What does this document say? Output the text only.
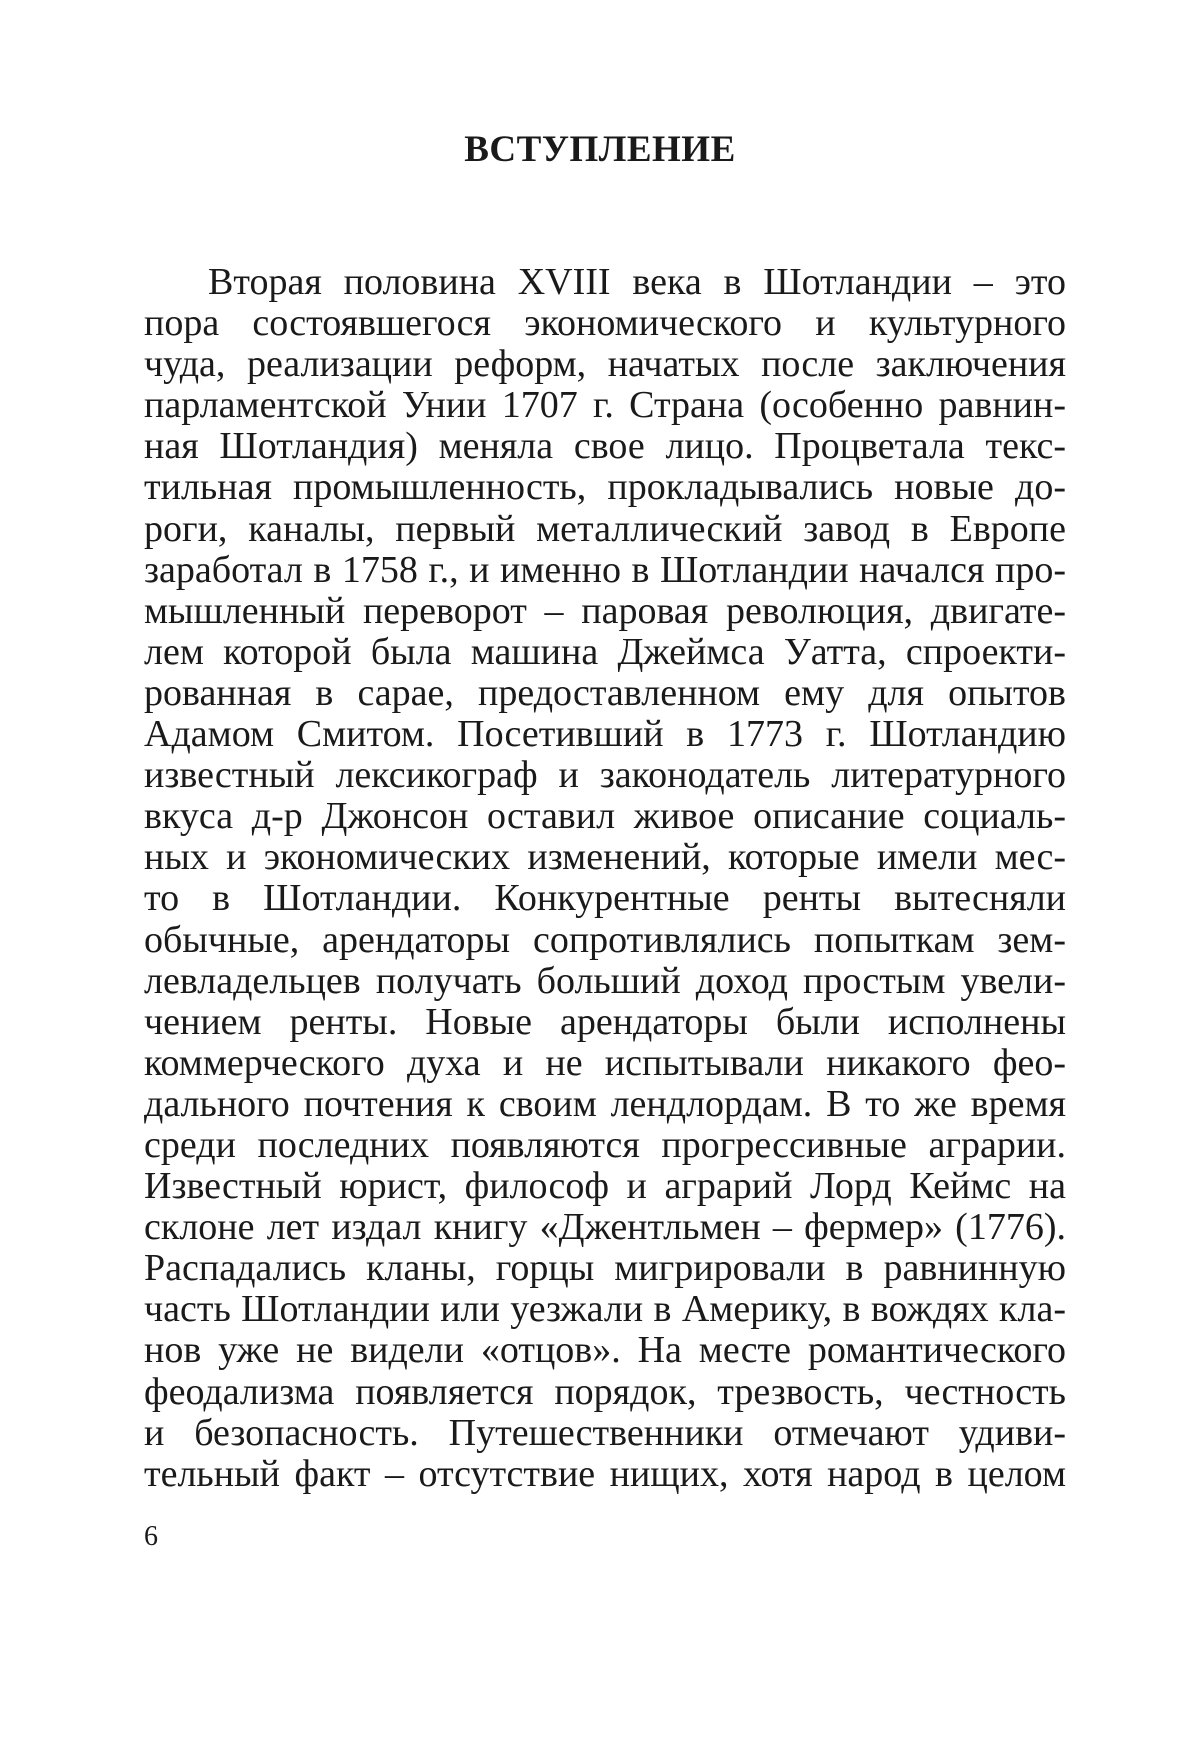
ВСТУПЛЕНИЕ
Вторая половина XVIII века в Шотландии – это
пора состоявшегося экономического и культурного
чуда, реализации реформ, начатых после заключения
парламентской Унии 1707 г. Страна (особенно равнин-
ная Шотландия) меняла свое лицо. Процветала текс-
тильная промышленность, прокладывались новые до-
роги, каналы, первый металлический завод в Европе
заработал в 1758 г., и именно в Шотландии начался про-
мышленный переворот – паровая революция, двигате-
лем которой была машина Джеймса Уатта, спроекти-
рованная в сарае, предоставленном ему для опытов
Адамом Смитом. Посетивший в 1773 г. Шотландию
известный лексикограф и законодатель литературного
вкуса д-р Джонсон оставил живое описание социаль-
ных и экономических изменений, которые имели мес-
то в Шотландии. Конкурентные ренты вытесняли
обычные, арендаторы сопротивлялись попыткам зем-
левладельцев получать больший доход простым увели-
чением ренты. Новые арендаторы были исполнены
коммерческого духа и не испытывали никакого фео-
дального почтения к своим лендлордам. В то же время
среди последних появляются прогрессивные аграрии.
Известный юрист, философ и аграрий Лорд Кеймс на
склоне лет издал книгу «Джентльмен – фермер» (1776).
Распадались кланы, горцы мигрировали в равнинную
часть Шотландии или уезжали в Америку, в вождях кла-
нов уже не видели «отцов». На месте романтического
феодализма появляется порядок, трезвость, честность
и безопасность. Путешественники отмечают удиви-
тельный факт – отсутствие нищих, хотя народ в целом
6
